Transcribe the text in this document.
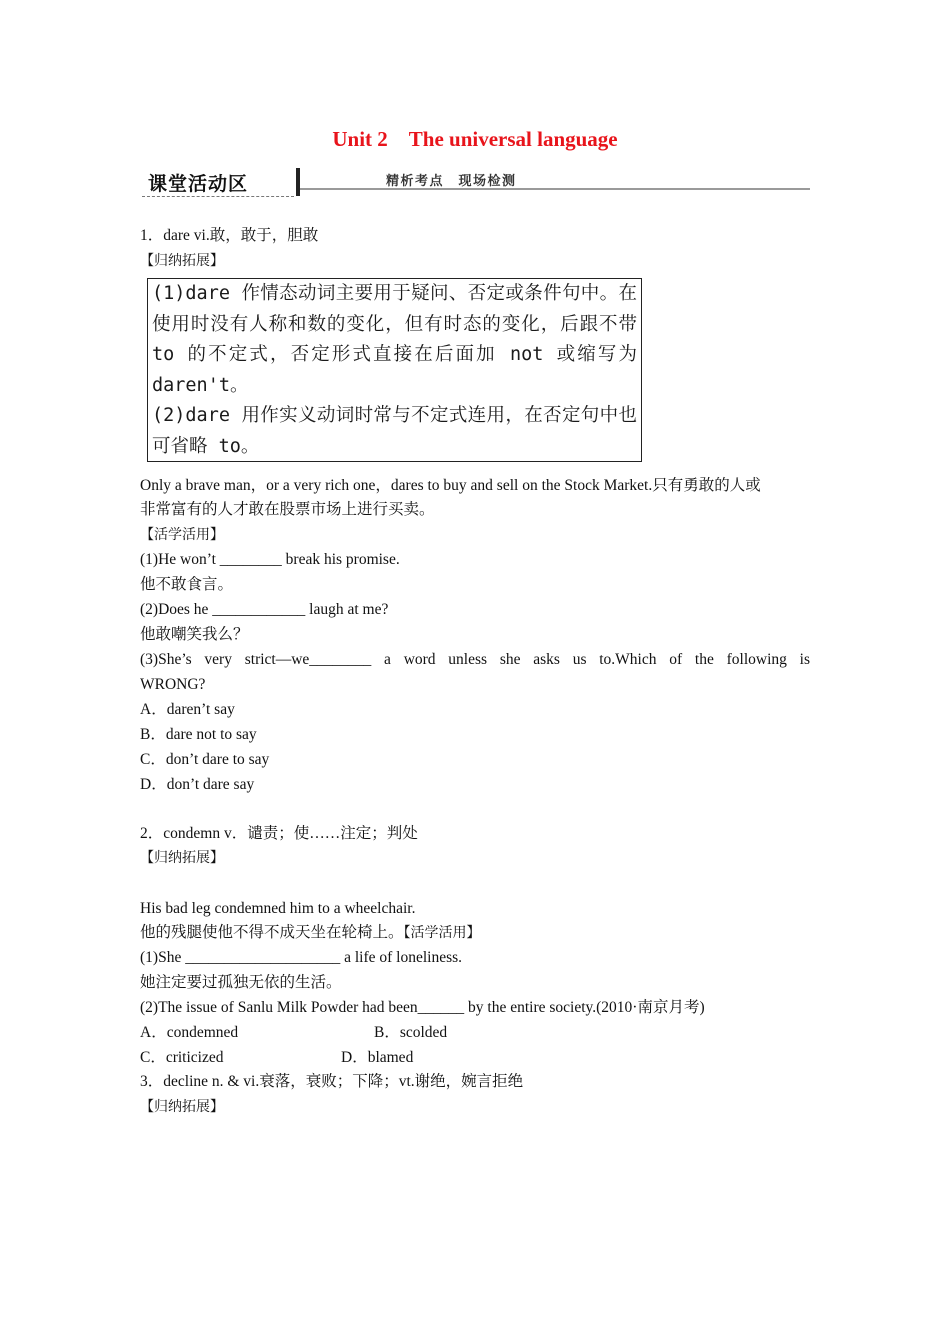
Unit 2　The universal language
课堂活动区	精析考点　现场检测
1．dare vi.敢，敢于，胆敢
【归纳拓展】

(1)dare 作情态动词主要用于疑问、否定或条件句中。在使用时没有人称和数的变化，但有时态的变化，后跟不带 to 的不定式，否定形式直接在后面加 not 或缩写为 daren't。

(2)dare 用作实义动词时常与不定式连用，在否定句中也可省略 to。

Only a brave man，or a very rich one，dares to buy and sell on the Stock Market.只有勇敢的人或
非常富有的人才敢在股票市场上进行买卖。
【活学活用】
(1)He won’t ________ break his promise.
他不敢食言。
(2)Does he ____________ laugh at me?
他敢嘲笑我么？
(3)She’s very strict—we________ a word unless she asks us to.Which of the following is
WRONG?
A．daren’t say
B．dare not to say
C．don’t dare to say
D．don’t dare say
2．condemn v．谴责；使……注定；判处
【归纳拓展】
His bad leg condemned him to a wheelchair.
他的残腿使他不得不成天坐在轮椅上。【活学活用】
(1)She ____________________ a life of loneliness.
她注定要过孤独无依的生活。
(2)The issue of Sanlu Milk Powder had been______ by the entire society.(2010·南京月考)
A．condemned	B．scolded
C．criticized	D．blamed
3．decline n. & vi.衰落，衰败；下降；vt.谢绝，婉言拒绝
【归纳拓展】
